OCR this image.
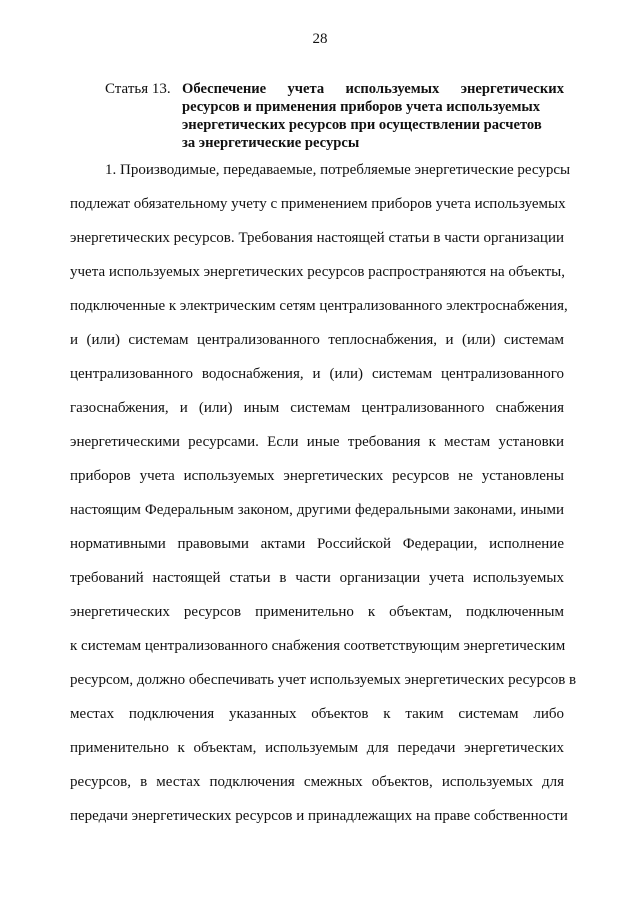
28
Статья 13. Обеспечение учета используемых энергетических
ресурсов и применения приборов учета используемых
энергетических ресурсов при осуществлении расчетов
за энергетические ресурсы
1. Производимые, передаваемые, потребляемые энергетические ресурсы
подлежат обязательному учету с применением приборов учета используемых
энергетических ресурсов. Требования настоящей статьи в части организации
учета используемых энергетических ресурсов распространяются на объекты,
подключенные к электрическим сетям централизованного электроснабжения,
и (или) системам централизованного теплоснабжения, и (или) системам
централизованного водоснабжения, и (или) системам централизованного
газоснабжения, и (или) иным системам централизованного снабжения
энергетическими ресурсами. Если иные требования к местам установки
приборов учета используемых энергетических ресурсов не установлены
настоящим Федеральным законом, другими федеральными законами, иными
нормативными правовыми актами Российской Федерации, исполнение
требований настоящей статьи в части организации учета используемых
энергетических ресурсов применительно к объектам, подключенным
к системам централизованного снабжения соответствующим энергетическим
ресурсом, должно обеспечивать учет используемых энергетических ресурсов в
местах подключения указанных объектов к таким системам либо
применительно к объектам, используемым для передачи энергетических
ресурсов, в местах подключения смежных объектов, используемых для
передачи энергетических ресурсов и принадлежащих на праве собственности
